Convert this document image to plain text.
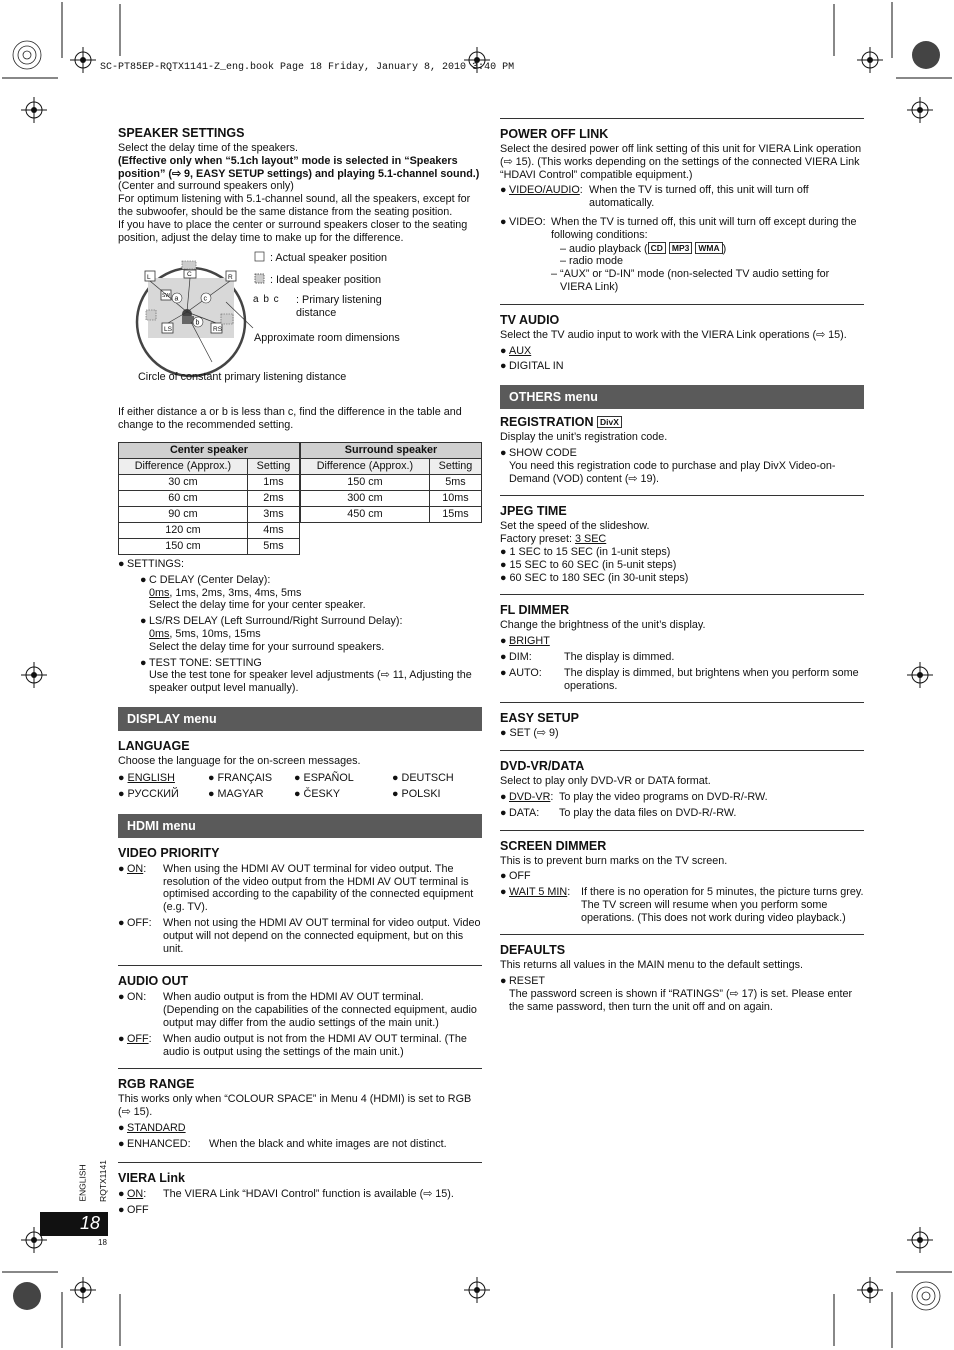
SC-PT85EP-RQTX1141-Z_eng.book Page 18 Friday, January 8, 2010 3:40 PM
ENGLISH RQTX1141
18
18
SPEAKER SETTINGS

Select the delay time of the speakers.

(Effective only when “5.1ch layout” mode is selected in “Speakers position” (⇨ 9, EASY SETUP settings) and playing 5.1-channel sound.)

(Center and surround speakers only)

For optimum listening with 5.1-channel sound, all the speakers, except for the subwoofer, should be the same distance from the seating position.

If you have to place the center or surround speakers closer to the seating position, adjust the delay time to make up for the difference.

L	R
C
SW
LS	RS
a	c
b
: Actual speaker position
: Ideal speaker position
a b c : Primary listening distance
Approximate room dimensions
Circle of constant primary listening distance

If either distance a or b is less than c, find the difference in the table and change to the recommended setting.

Center speaker	
Difference (Approx.)	Setting
30 cm	1ms
60 cm	2ms
90 cm	3ms
120 cm	4ms
150 cm	5ms
Surround speaker	
Difference (Approx.)	Setting
150 cm	5ms
300 cm	10ms
450 cm	15ms
● SETTINGS:
● C DELAY (Center Delay):
0ms, 1ms, 2ms, 3ms, 4ms, 5ms
Select the delay time for your center speaker.
● LS/RS DELAY (Left Surround/Right Surround Delay):
0ms, 5ms, 10ms, 15ms
Select the delay time for your surround speakers.
● TEST TONE: SETTING
Use the test tone for speaker level adjustments (⇨ 11, Adjusting the speaker output level manually).
DISPLAY menu
LANGUAGE

Choose the language for the on-screen messages.

● ENGLISH	● FRANÇAIS	● ESPAÑOL	● DEUTSCH
● РУССКИЙ	● MAGYAR	● ČESKY	● POLSKI
HDMI menu
VIDEO PRIORITY
● ON:	When using the HDMI AV OUT terminal for video output. The resolution of the video output from the HDMI AV OUT terminal is optimised according to the capability of the connected equipment (e.g. TV).
● OFF:	When not using the HDMI AV OUT terminal for video output. Video output will not depend on the connected equipment, but on this unit.
AUDIO OUT
● ON:	When audio output is from the HDMI AV OUT terminal. (Depending on the capabilities of the connected equipment, audio output may differ from the audio settings of the main unit.)
● OFF:	When audio output is not from the HDMI AV OUT terminal. (The audio is output using the settings of the main unit.)
RGB RANGE

This works only when “COLOUR SPACE” in Menu 4 (HDMI) is set to RGB (⇨ 15).

● STANDARD
● ENHANCED:	When the black and white images are not distinct.
VIERA Link
● ON:	The VIERA Link “HDAVI Control” function is available (⇨ 15).
● OFF
POWER OFF LINK

Select the desired power off link setting of this unit for VIERA Link operation (⇨ 15). (This works depending on the settings of the connected VIERA Link “HDAVI Control” compatible equipment.)

● VIDEO/AUDIO: When the TV is turned off, this unit will turn off automatically.
● VIDEO: When the TV is turned off, this unit will turn off except during the following conditions:
– audio playback ( CD MP3 WMA )
– radio mode
– “AUX” or “D-IN” mode (non-selected TV audio setting for VIERA Link)
TV AUDIO

Select the TV audio input to work with the VIERA Link operations (⇨ 15).

● AUX
● DIGITAL IN
OTHERS menu
REGISTRATION DivX

Display the unit’s registration code.

● SHOW CODE
You need this registration code to purchase and play DivX Video-on-Demand (VOD) content (⇨ 19).
JPEG TIME

Set the speed of the slideshow.

Factory preset: 3 SEC

● 1 SEC to 15 SEC (in 1-unit steps)
● 15 SEC to 60 SEC (in 5-unit steps)
● 60 SEC to 180 SEC (in 30-unit steps)
FL DIMMER

Change the brightness of the unit’s display.

● BRIGHT
● DIM:	The display is dimmed.
● AUTO:	The display is dimmed, but brightens when you perform some operations.
EASY SETUP
● SET (⇨ 9)
DVD-VR/DATA

Select to play only DVD-VR or DATA format.

● DVD-VR: To play the video programs on DVD-R/-RW.
● DATA:	To play the data files on DVD-R/-RW.
SCREEN DIMMER

This is to prevent burn marks on the TV screen.

● OFF
● WAIT 5 MIN:	If there is no operation for 5 minutes, the picture turns grey. The TV screen will resume when you perform some operations. (This does not work during video playback.)
DEFAULTS

This returns all values in the MAIN menu to the default settings.

● RESET
The password screen is shown if “RATINGS” (⇨ 17) is set. Please enter the same password, then turn the unit off and on again.
